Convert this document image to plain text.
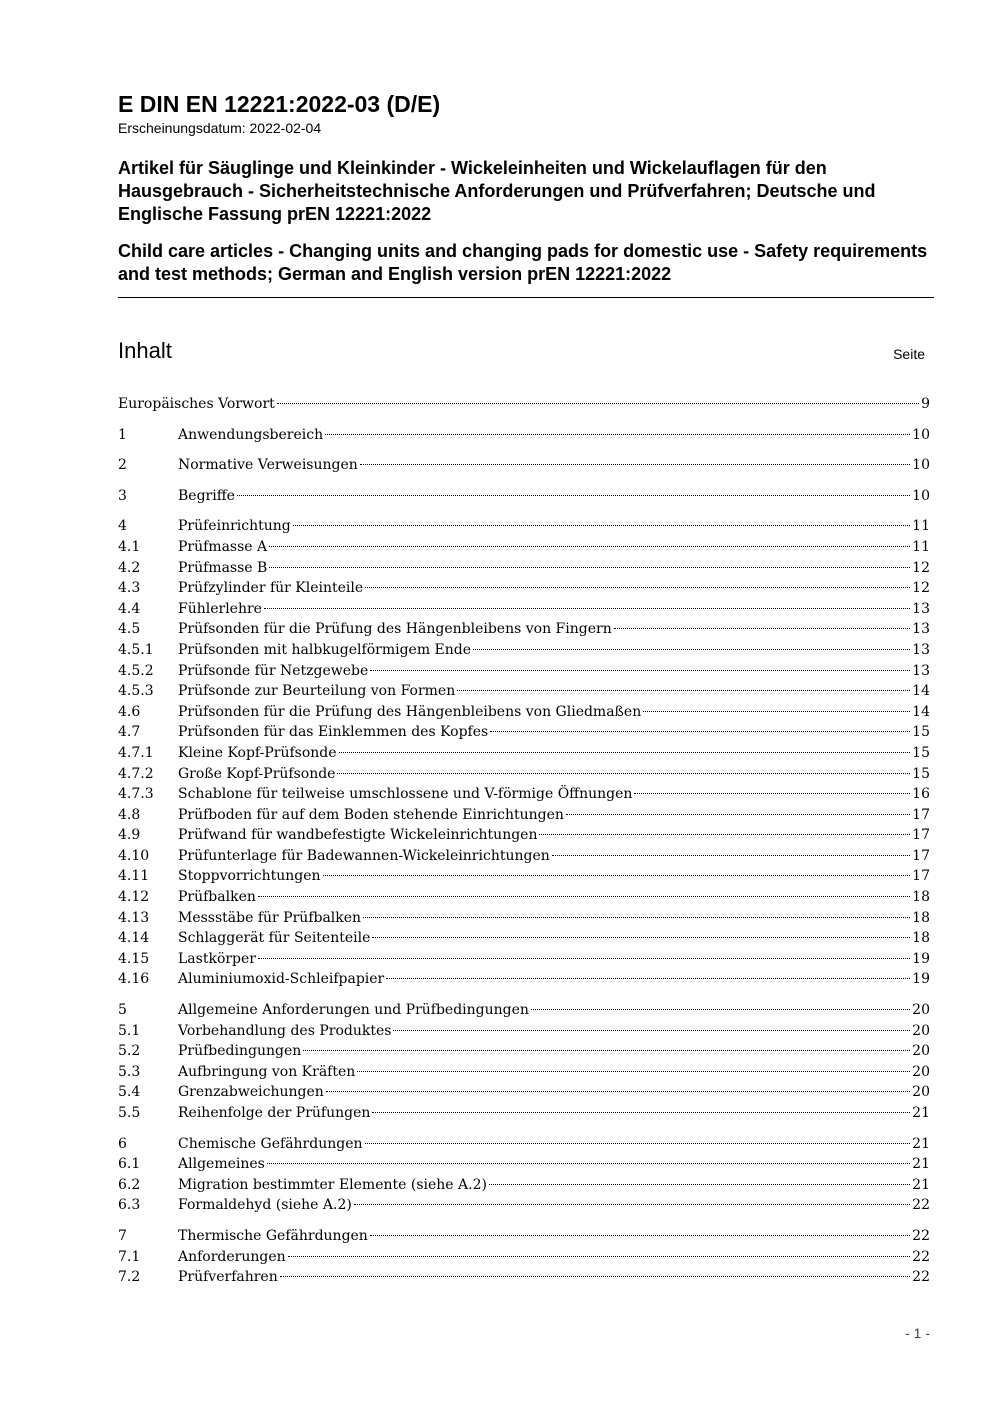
E DIN EN 12221:2022-03 (D/E)

Erscheinungsdatum: 2022-02-04

Artikel für Säuglinge und Kleinkinder - Wickeleinheiten und Wickelauflagen für den Hausgebrauch - Sicherheitstechnische Anforderungen und Prüfverfahren; Deutsche und Englische Fassung prEN 12221:2022

Child care articles - Changing units and changing pads for domestic use - Safety requirements and test methods; German and English version prEN 12221:2022

Inhalt	Seite
Europäisches Vorwort	9
1	Anwendungsbereich	10
2	Normative Verweisungen	10
3	Begriffe	10
4	Prüfeinrichtung	11
4.1	Prüfmasse A	11
4.2	Prüfmasse B	12
4.3	Prüfzylinder für Kleinteile	12
4.4	Fühlerlehre	13
4.5	Prüfsonden für die Prüfung des Hängenbleibens von Fingern	13
4.5.1	Prüfsonden mit halbkugelförmigem Ende	13
4.5.2	Prüfsonde für Netzgewebe	13
4.5.3	Prüfsonde zur Beurteilung von Formen	14
4.6	Prüfsonden für die Prüfung des Hängenbleibens von Gliedmaßen	14
4.7	Prüfsonden für das Einklemmen des Kopfes	15
4.7.1	Kleine Kopf-Prüfsonde	15
4.7.2	Große Kopf-Prüfsonde	15
4.7.3	Schablone für teilweise umschlossene und V-förmige Öffnungen	16
4.8	Prüfboden für auf dem Boden stehende Einrichtungen	17
4.9	Prüfwand für wandbefestigte Wickeleinrichtungen	17
4.10	Prüfunterlage für Badewannen-Wickeleinrichtungen	17
4.11	Stoppvorrichtungen	17
4.12	Prüfbalken	18
4.13	Messstäbe für Prüfbalken	18
4.14	Schlaggerät für Seitenteile	18
4.15	Lastkörper	19
4.16	Aluminiumoxid-Schleifpapier	19
5	Allgemeine Anforderungen und Prüfbedingungen	20
5.1	Vorbehandlung des Produktes	20
5.2	Prüfbedingungen	20
5.3	Aufbringung von Kräften	20
5.4	Grenzabweichungen	20
5.5	Reihenfolge der Prüfungen	21
6	Chemische Gefährdungen	21
6.1	Allgemeines	21
6.2	Migration bestimmter Elemente (siehe A.2)	21
6.3	Formaldehyd (siehe A.2)	22
7	Thermische Gefährdungen	22
7.1	Anforderungen	22
7.2	Prüfverfahren	22
- 1 -
